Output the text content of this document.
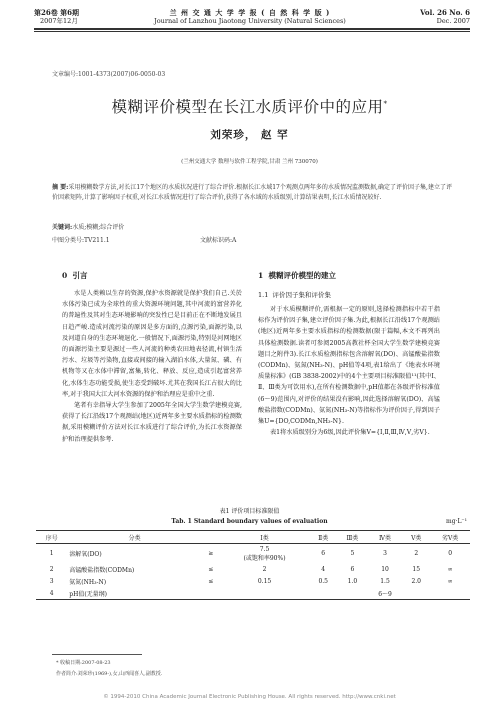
第26卷 第6期	兰 州 交 通 大 学 学 报 ( 自 然 科 学 版 )	Vol. 26 No. 6
2007年12月	Journal of Lanzhou Jiaotong University (Natural Sciences)	Dec. 2007
文章编号:1001-4373(2007)06-0050-03
模糊评价模型在长江水质评价中的应用*
刘荣珍， 赵 罕
(兰州交通大学 数理与软件工程学院,甘肃 兰州 730070)
摘 要:采用模糊数学方法,对长江17个地区的水质状况进行了综合评价.根据长江水域17个观测点两年多的水质情况监测数据,确定了评价因子集,建立了评价因素矩阵,计算了影响因子权重,对长江水质情况进行了综合评价,获得了各水域的水质级别,计算结果表明,长江水质情况较好.
关键词:水质;模糊;综合评价
中图分类号:TV211.1	文献标识码:A
0 引言

水是人类赖以生存的资源,保护水资源就是保护我们自己.关於水体污染已成为全球性的重大资源环境问题,其中河流的富营养化的普遍性及其对生态环境影响的突发性已是目前正在不断地发展且日趋严峻.造成河流污染的原因是多方面的,点源污染,面源污染,以及河道自身的生态环境退化.一般情况下,面源污染,特别是河网地区的面源污染主要是源过一些人河流的种类农田地表径流,村镇生活污水、垃圾等污染物,直接或间接的输入湖泊水体,大量氮、磷、有机物等又在水体中滞留,富集,转化、释放、反应,造成引起富营养化,水体生态功能受损,使生态受到破坏.尤其在我国长江占很大的比率,对于我国大江大河水资源的保护和治理应是重中之重.

笔者有幸指导大学生参加了2005年全国大学生数学建模竞赛,获得了长江沿线17个观测站(地区)近两年多主要水质指标的检测数据,采用模糊评价方法对长江水质进行了综合评价,为长江水资源保护和治理提供参考.

1 模糊评价模型的建立
1.1 评价因子集和评价集

对于水质模糊评价,需根据一定的原则,选择检测指标中若干指标作为评价因子集,建立评价因子集.为此,根据长江沿线17个观测站(地区)近两年多主要水质指标的检测数据(限于篇幅,本文不再列出具体检测数据.读者可参阅2005高教社杯全国大学生数学建模竞赛题目之附件3).长江水质检测指标包含溶解氧(DO)、高锰酸盐指数(CODMn)、氨氮(NH₃-N)、pH值等4项,表1给出了《地表水环境质量标准》(GB 3838-2002)中的4个主要项目标准限值¹¹(其中Ⅰ、Ⅱ、Ⅲ类为可饮用水),在所有检测数据中,pH值都在各级评价标准值(6～9)范围内,对评价的结果没有影响,因此选择溶解氧(DO)、高锰酸盐指数(CODMn)、氨氮(NH₃-N)等指标作为评价因子,得到因子集U={DO,CODMn,NH₃-N}.

表1将水质级别分为6级,因此评价集V={Ⅰ,Ⅱ,Ⅲ,Ⅳ,Ⅴ,劣Ⅴ}.

表1 评价项目标准限值
Tab. 1 Standard boundary values of evaluation	mg·L⁻¹
序号	分类		Ⅰ类	Ⅱ类	Ⅲ类	Ⅳ类	Ⅴ类	劣Ⅴ类
1	溶解氧(DO)	≥	7.5
(或饱和率90%)	6	5	3	2	0
2	高锰酸盐指数(CODMn)	≤	2	4	6	10	15	∞
3	氨氮(NH₃-N)	≤	0.15	0.5	1.0	1.5	2.0	∞
4	pH值(无量纲)					6～9		
* 收稿日期:2007-08-23
作者简介:刘荣珍(1969-),女,山西闻喜人,副教授.
© 1994-2010 China Academic Journal Electronic Publishing House. All rights reserved. http://www.cnki.net
